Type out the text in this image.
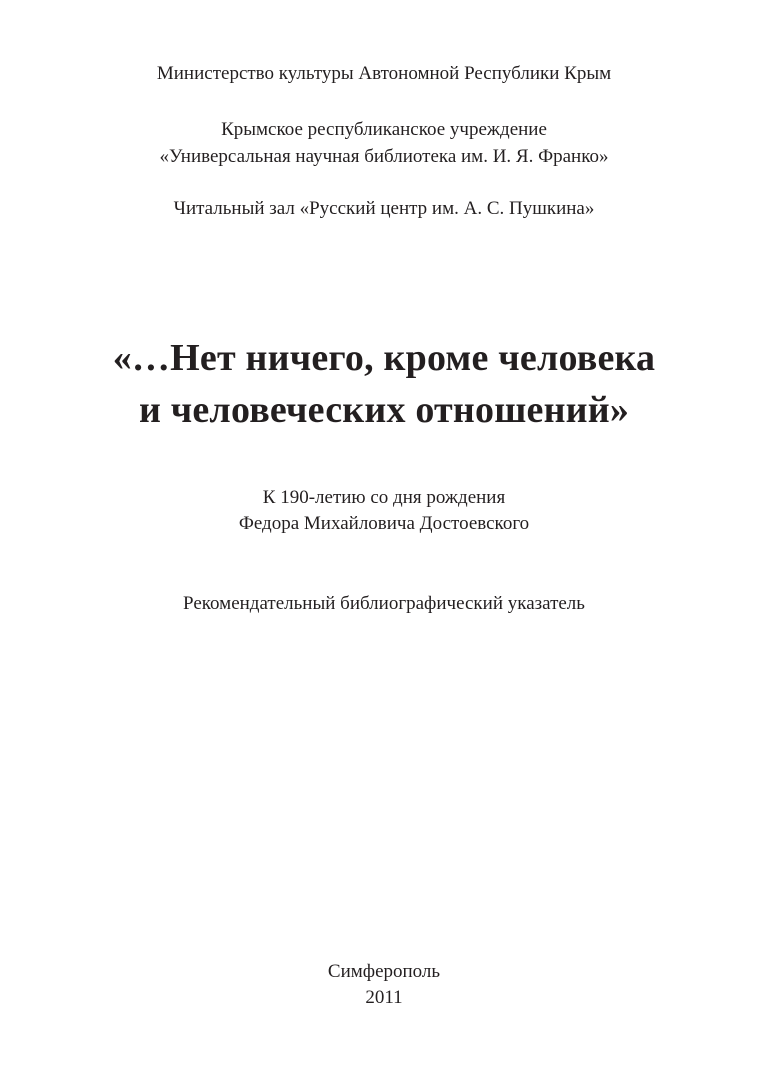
Министерство культуры Автономной Республики Крым
Крымское республиканское учреждение
«Универсальная научная библиотека им. И. Я. Франко»
Читальный зал «Русский центр им. А. С. Пушкина»
«…Нет ничего, кроме человека
и человеческих отношений»
К 190-летию со дня рождения
Федора Михайловича Достоевского
Рекомендательный библиографический указатель
Симферополь
2011
